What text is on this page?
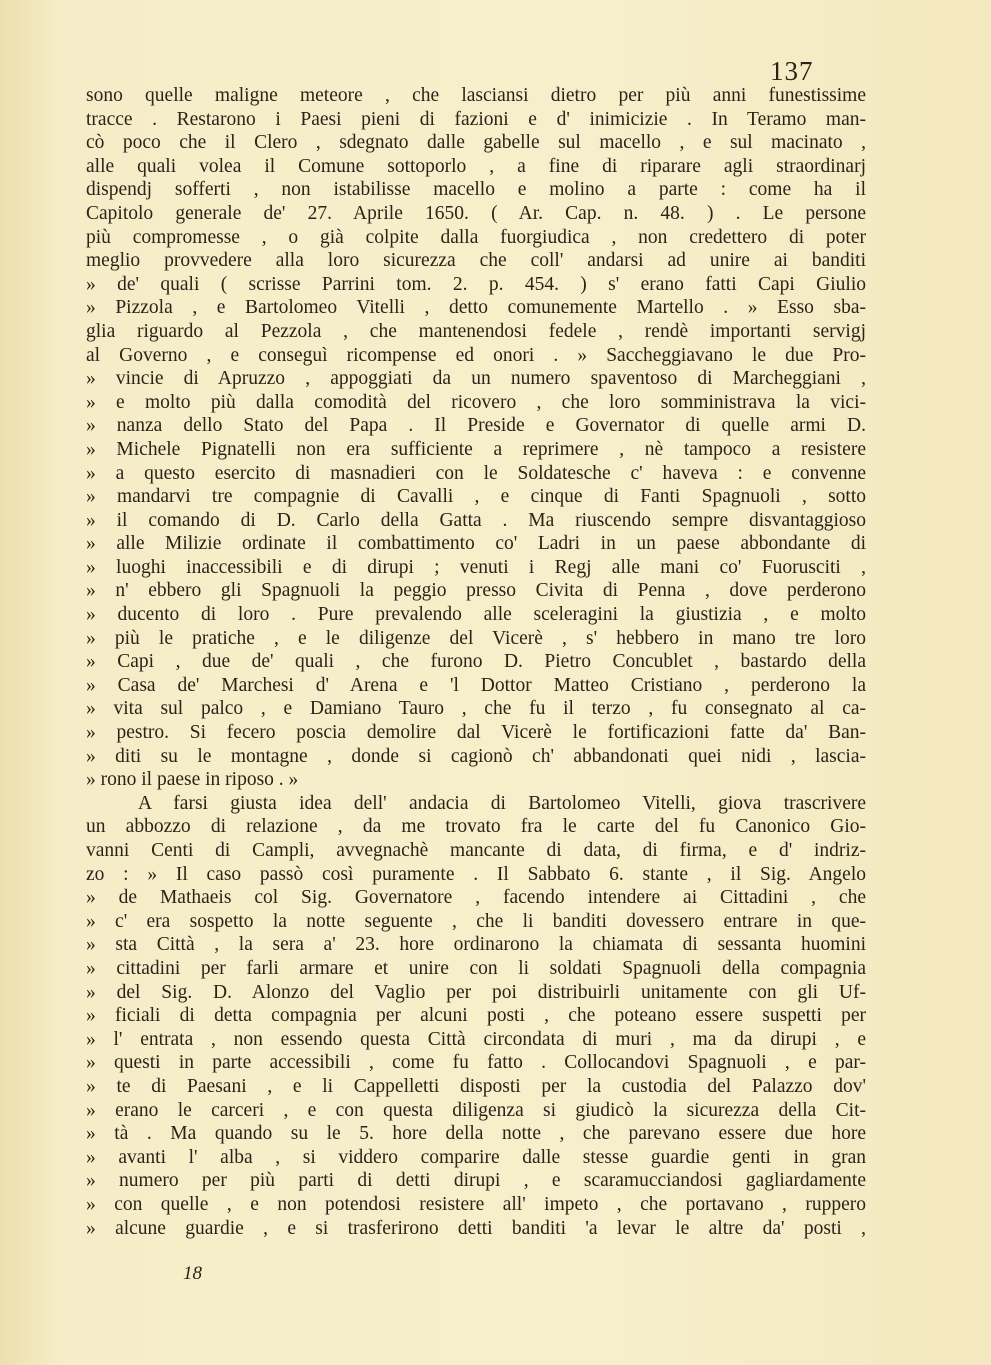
137
sono quelle maligne meteore , che lasciansi dietro per più anni funestissime
tracce . Restarono i Paesi pieni di fazioni e d' inimicizie . In Teramo man-
cò poco che il Clero , sdegnato dalle gabelle sul macello , e sul macinato ,
alle quali volea il Comune sottoporlo , a fine di riparare agli straordinarj
dispendj sofferti , non istabilisse macello e molino a parte : come ha il
Capitolo generale de' 27. Aprile 1650. ( Ar. Cap. n. 48. ) . Le persone
più compromesse , o già colpite dalla fuorgiudica , non credettero di poter
meglio provvedere alla loro sicurezza che coll' andarsi ad unire ai banditi
» de' quali ( scrisse Parrini tom. 2. p. 454. ) s' erano fatti Capi Giulio
» Pizzola , e Bartolomeo Vitelli , detto comunemente Martello . » Esso sba-
glia riguardo al Pezzola , che mantenendosi fedele , rendè importanti servigj
al Governo , e conseguì ricompense ed onori . » Saccheggiavano le due Pro-
» vincie di Apruzzo , appoggiati da un numero spaventoso di Marcheggiani ,
» e molto più dalla comodità del ricovero , che loro somministrava la vici-
» nanza dello Stato del Papa . Il Preside e Governator di quelle armi D.
» Michele Pignatelli non era sufficiente a reprimere , nè tampoco a resistere
» a questo esercito di masnadieri con le Soldatesche c' haveva : e convenne
» mandarvi tre compagnie di Cavalli , e cinque di Fanti Spagnuoli , sotto
» il comando di D. Carlo della Gatta . Ma riuscendo sempre disvantaggioso
» alle Milizie ordinate il combattimento co' Ladri in un paese abbondante di
» luoghi inaccessibili e di dirupi ; venuti i Regj alle mani co' Fuorusciti ,
» n' ebbero gli Spagnuoli la peggio presso Civita di Penna , dove perderono
» ducento di loro . Pure prevalendo alle sceleragini la giustizia , e molto
» più le pratiche , e le diligenze del Vicerè , s' hebbero in mano tre loro
» Capi , due de' quali , che furono D. Pietro Concublet , bastardo della
» Casa de' Marchesi d' Arena e 'l Dottor Matteo Cristiano , perderono la
» vita sul palco , e Damiano Tauro , che fu il terzo , fu consegnato al ca-
» pestro. Si fecero poscia demolire dal Vicerè le fortificazioni fatte da' Ban-
» diti su le montagne , donde si cagionò ch' abbandonati quei nidi , lascia-
» rono il paese in riposo . »
A farsi giusta idea dell' andacia di Bartolomeo Vitelli, giova trascrivere
un abbozzo di relazione , da me trovato fra le carte del fu Canonico Gio-
vanni Centi di Campli, avvegnachè mancante di data, di firma, e d' indriz-
zo : » Il caso passò così puramente . Il Sabbato 6. stante , il Sig. Angelo
» de Mathaeis col Sig. Governatore , facendo intendere ai Cittadini , che
» c' era sospetto la notte seguente , che li banditi dovessero entrare in que-
» sta Città , la sera a' 23. hore ordinarono la chiamata di sessanta huomini
» cittadini per farli armare et unire con li soldati Spagnuoli della compagnia
» del Sig. D. Alonzo del Vaglio per poi distribuirli unitamente con gli Uf-
» ficiali di detta compagnia per alcuni posti , che poteano essere suspetti per
» l' entrata , non essendo questa Città circondata di muri , ma da dirupi , e
» questi in parte accessibili , come fu fatto . Collocandovi Spagnuoli , e par-
» te di Paesani , e li Cappelletti disposti per la custodia del Palazzo dov'
» erano le carceri , e con questa diligenza si giudicò la sicurezza della Cit-
» tà . Ma quando su le 5. hore della notte , che parevano essere due hore
» avanti l' alba , si viddero comparire dalle stesse guardie genti in gran
» numero per più parti di detti dirupi , e scaramucciandosi gagliardamente
» con quelle , e non potendosi resistere all' impeto , che portavano , ruppero
» alcune guardie , e si trasferirono detti banditi 'a levar le altre da' posti ,
18
